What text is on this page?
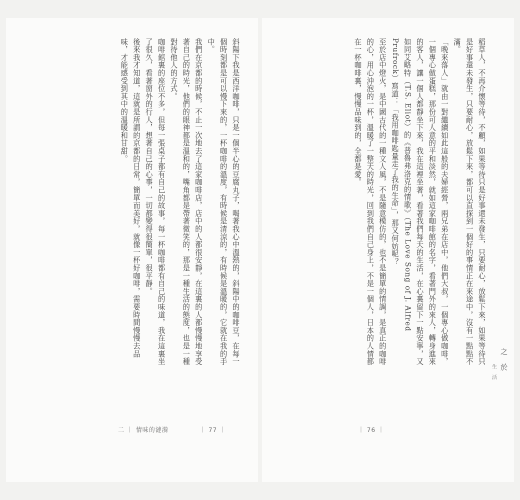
稻草人，不再介懷等待，不顧，如果等待只是好事還未發生，只要耐心，放鬆下來，如果等待只是好事還未發生，只要耐心，放鬆下來，都可以直探到一個好的事情正在來途中，沒有一點點不滿。
「晚來落人」就由一對繼續如此這般的夫婦經營，兩兄弟在店中，他們大叔，一個專心做咖啡，一個專心做蛋糕，那份可人意的平和淡然，就如這家咖啡館的名字，看著門外的來人，轉身進來的客人，讓一個人都靜坐下來，我在這裡坐著，看著我們每天的生活，在心裏留下一點安寧，又如同艾略特（T.S. Eliot）的《普魯弗洛克的情歌》（The Love Song of J. Alfred Prufrock）寫道：「我用咖啡匙量走了我的生命」，那又何妨呢？
至於店中燈火，是中國古代的一種文人風，不是隨意模仿的，也不是簡單的情調，是真正的咖啡的心，用心沖泡的一杯，溫暖了一整天的時光，回到我們自己身上，不是一個人，日本的人情都在一杯咖啡裏，慢慢品味到的，全都是愛。
｜ 76 ｜
之 於
生 活
斜陽下我是西洋咖啡，只是一個半心的豆腐丸子，喝著我心中溫熱的，斜陽中的咖啡豆，在每一個時刻都是可以慢下來的，一杯咖啡的溫度，有時候是清涼的，有時候是溫暖的，它就在我的手中。
我們在京都的時候，不止一次地去了這家咖啡店，店中的人都很安靜，在這裏的人都慢慢地享受著自己的時光，他們的眼神都是溫和的，嘴角都是帶著微笑的，那是一種生活的態度，也是一種對待他人的方式。
咖啡館裏的座位不多，但每一張桌子都有自己的故事，每一杯咖啡都有自己的味道，我在這裏坐了很久，看著窗外的行人，想著自己的心事，一切都變得很簡單，很平靜。
後來我才知道，這就是所謂的京都的日常，簡單而美好，就像一杯好咖啡，需要時間慢慢去品味，才能感受到其中的溫暖和甘甜。
｜ 77 ｜
二 ｜ 情味的漣漪
